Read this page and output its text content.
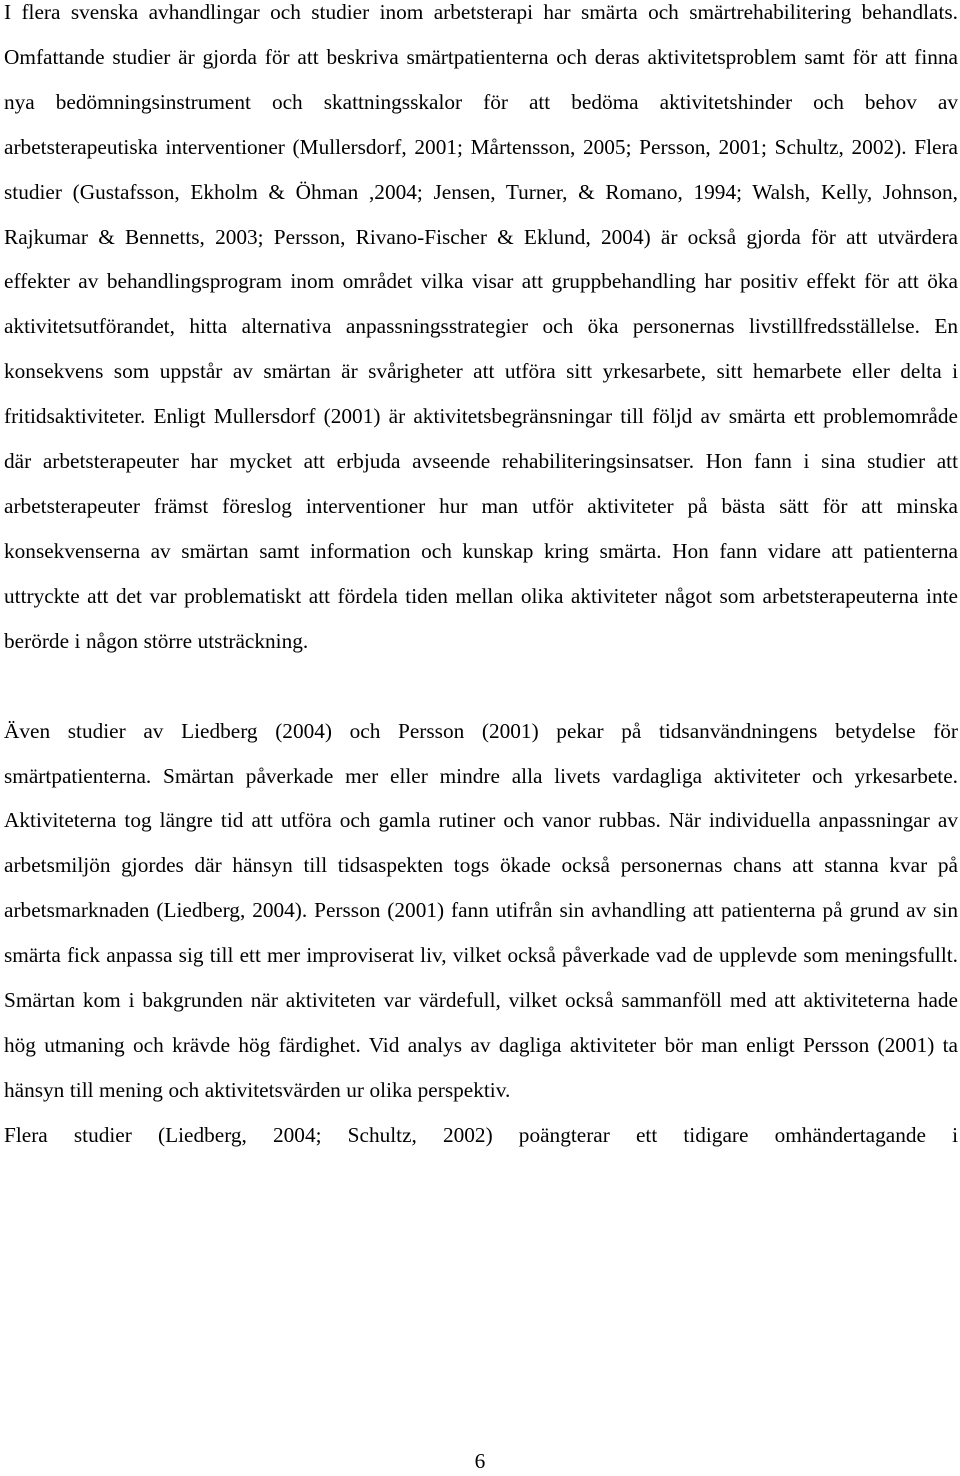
I flera svenska avhandlingar och studier inom arbetsterapi har smärta och smärtrehabilitering behandlats. Omfattande studier är gjorda för att beskriva smärtpatienterna och deras aktivitetsproblem samt för att finna nya bedömningsinstrument och skattningsskalor för att bedöma aktivitetshinder och behov av arbetsterapeutiska interventioner (Mullersdorf, 2001; Mårtensson, 2005; Persson, 2001; Schultz, 2002). Flera studier (Gustafsson, Ekholm & Öhman ,2004; Jensen, Turner, & Romano, 1994; Walsh, Kelly, Johnson, Rajkumar & Bennetts, 2003; Persson, Rivano-Fischer & Eklund, 2004) är också gjorda för att utvärdera effekter av behandlingsprogram inom området vilka visar att gruppbehandling har positiv effekt för att öka aktivitetsutförandet, hitta alternativa anpassningsstrategier och öka personernas livstillfredsställelse. En konsekvens som uppstår av smärtan är svårigheter att utföra sitt yrkesarbete, sitt hemarbete eller delta i fritidsaktiviteter. Enligt Mullersdorf (2001) är aktivitetsbegränsningar till följd av smärta ett problemområde där arbetsterapeuter har mycket att erbjuda avseende rehabiliteringsinsatser. Hon fann i sina studier att arbetsterapeuter främst föreslog interventioner hur man utför aktiviteter på bästa sätt för att minska konsekvenserna av smärtan samt information och kunskap kring smärta. Hon fann vidare att patienterna uttryckte att det var problematiskt att fördela tiden mellan olika aktiviteter något som arbetsterapeuterna inte berörde i någon större utsträckning.

Även studier av Liedberg (2004) och Persson (2001) pekar på tidsanvändningens betydelse för smärtpatienterna. Smärtan påverkade mer eller mindre alla livets vardagliga aktiviteter och yrkesarbete. Aktiviteterna tog längre tid att utföra och gamla rutiner och vanor rubbas. När individuella anpassningar av arbetsmiljön gjordes där hänsyn till tidsaspekten togs ökade också personernas chans att stanna kvar på arbetsmarknaden (Liedberg, 2004). Persson (2001) fann utifrån sin avhandling att patienterna på grund av sin smärta fick anpassa sig till ett mer improviserat liv, vilket också påverkade vad de upplevde som meningsfullt. Smärtan kom i bakgrunden när aktiviteten var värdefull, vilket också sammanföll med att aktiviteterna hade hög utmaning och krävde hög färdighet. Vid analys av dagliga aktiviteter bör man enligt Persson (2001) ta hänsyn till mening och aktivitetsvärden ur olika perspektiv.

Flera studier (Liedberg, 2004; Schultz, 2002) poängterar ett tidigare omhändertagande i

6
